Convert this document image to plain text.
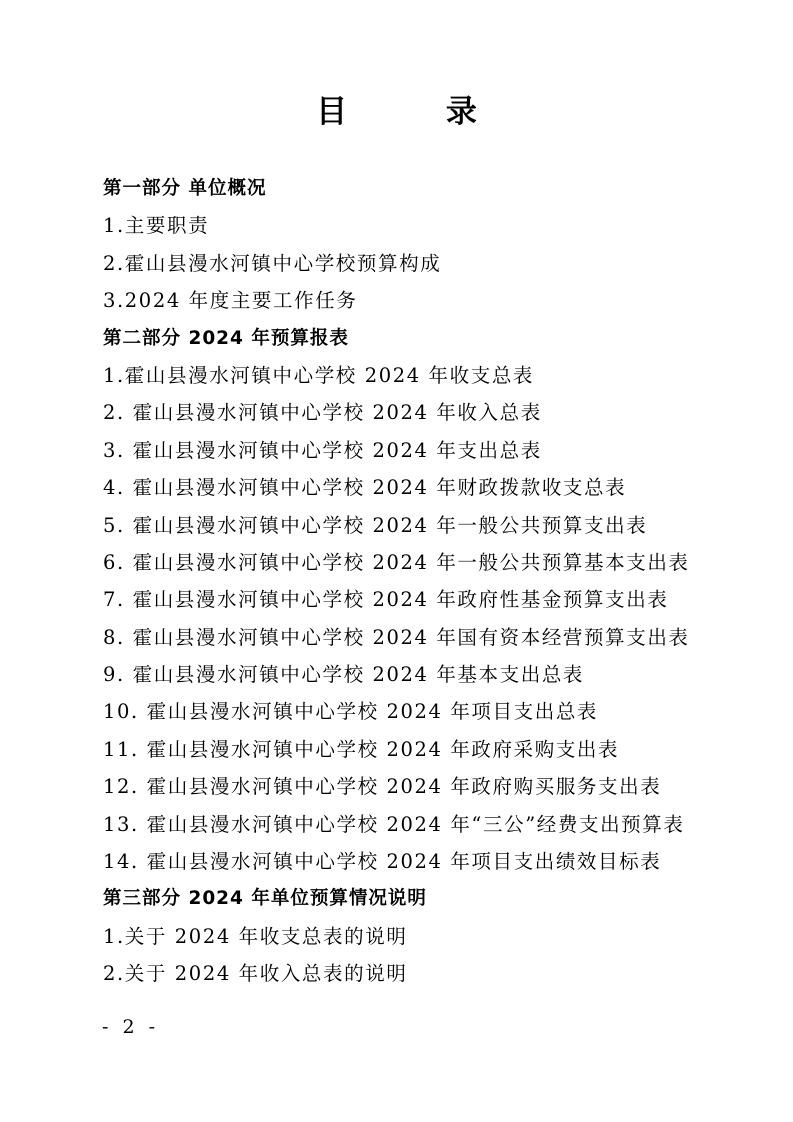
目 录
第一部分 单位概况
1.主要职责
2.霍山县漫水河镇中心学校预算构成
3.2024 年度主要工作任务
第二部分 2024 年预算报表
1.霍山县漫水河镇中心学校 2024 年收支总表
2. 霍山县漫水河镇中心学校 2024 年收入总表
3. 霍山县漫水河镇中心学校 2024 年支出总表
4. 霍山县漫水河镇中心学校 2024 年财政拨款收支总表
5. 霍山县漫水河镇中心学校 2024 年一般公共预算支出表
6. 霍山县漫水河镇中心学校 2024 年一般公共预算基本支出表
7. 霍山县漫水河镇中心学校 2024 年政府性基金预算支出表
8. 霍山县漫水河镇中心学校 2024 年国有资本经营预算支出表
9. 霍山县漫水河镇中心学校 2024 年基本支出总表
10. 霍山县漫水河镇中心学校 2024 年项目支出总表
11. 霍山县漫水河镇中心学校 2024 年政府采购支出表
12. 霍山县漫水河镇中心学校 2024 年政府购买服务支出表
13. 霍山县漫水河镇中心学校 2024 年“三公”经费支出预算表
14. 霍山县漫水河镇中心学校 2024 年项目支出绩效目标表
第三部分 2024 年单位预算情况说明
1.关于 2024 年收支总表的说明
2.关于 2024 年收入总表的说明
- 2 -
